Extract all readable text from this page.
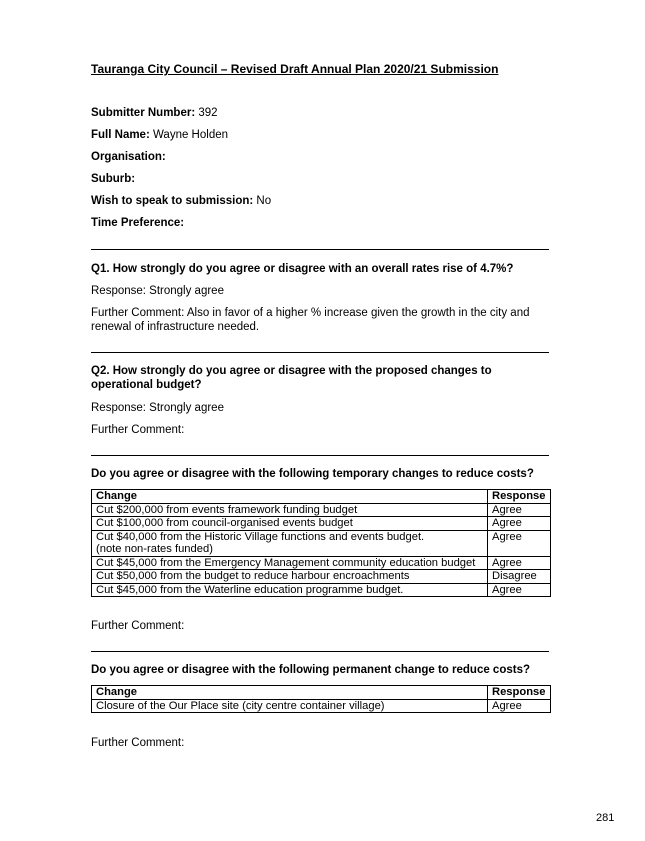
Tauranga City Council – Revised Draft Annual Plan 2020/21 Submission
Submitter Number: 392
Full Name: Wayne Holden
Organisation:
Suburb:
Wish to speak to submission: No
Time Preference:
Q1. How strongly do you agree or disagree with an overall rates rise of 4.7%?
Response: Strongly agree
Further Comment: Also in favor of a higher % increase given the growth in the city and renewal of infrastructure needed.
Q2. How strongly do you agree or disagree with the proposed changes to operational budget?
Response: Strongly agree
Further Comment:
Do you agree or disagree with the following temporary changes to reduce costs?
Change	Response
Cut $200,000 from events framework funding budget	Agree
Cut $100,000 from council-organised events budget	Agree
Cut $40,000 from the Historic Village functions and events budget.
(note non-rates funded)	Agree
Cut $45,000 from the Emergency Management community education budget	Agree
Cut $50,000 from the budget to reduce harbour encroachments	Disagree
Cut $45,000 from the Waterline education programme budget.	Agree
Further Comment:
Do you agree or disagree with the following permanent change to reduce costs?
Change	Response
Closure of the Our Place site (city centre container village)	Agree
Further Comment:
281
